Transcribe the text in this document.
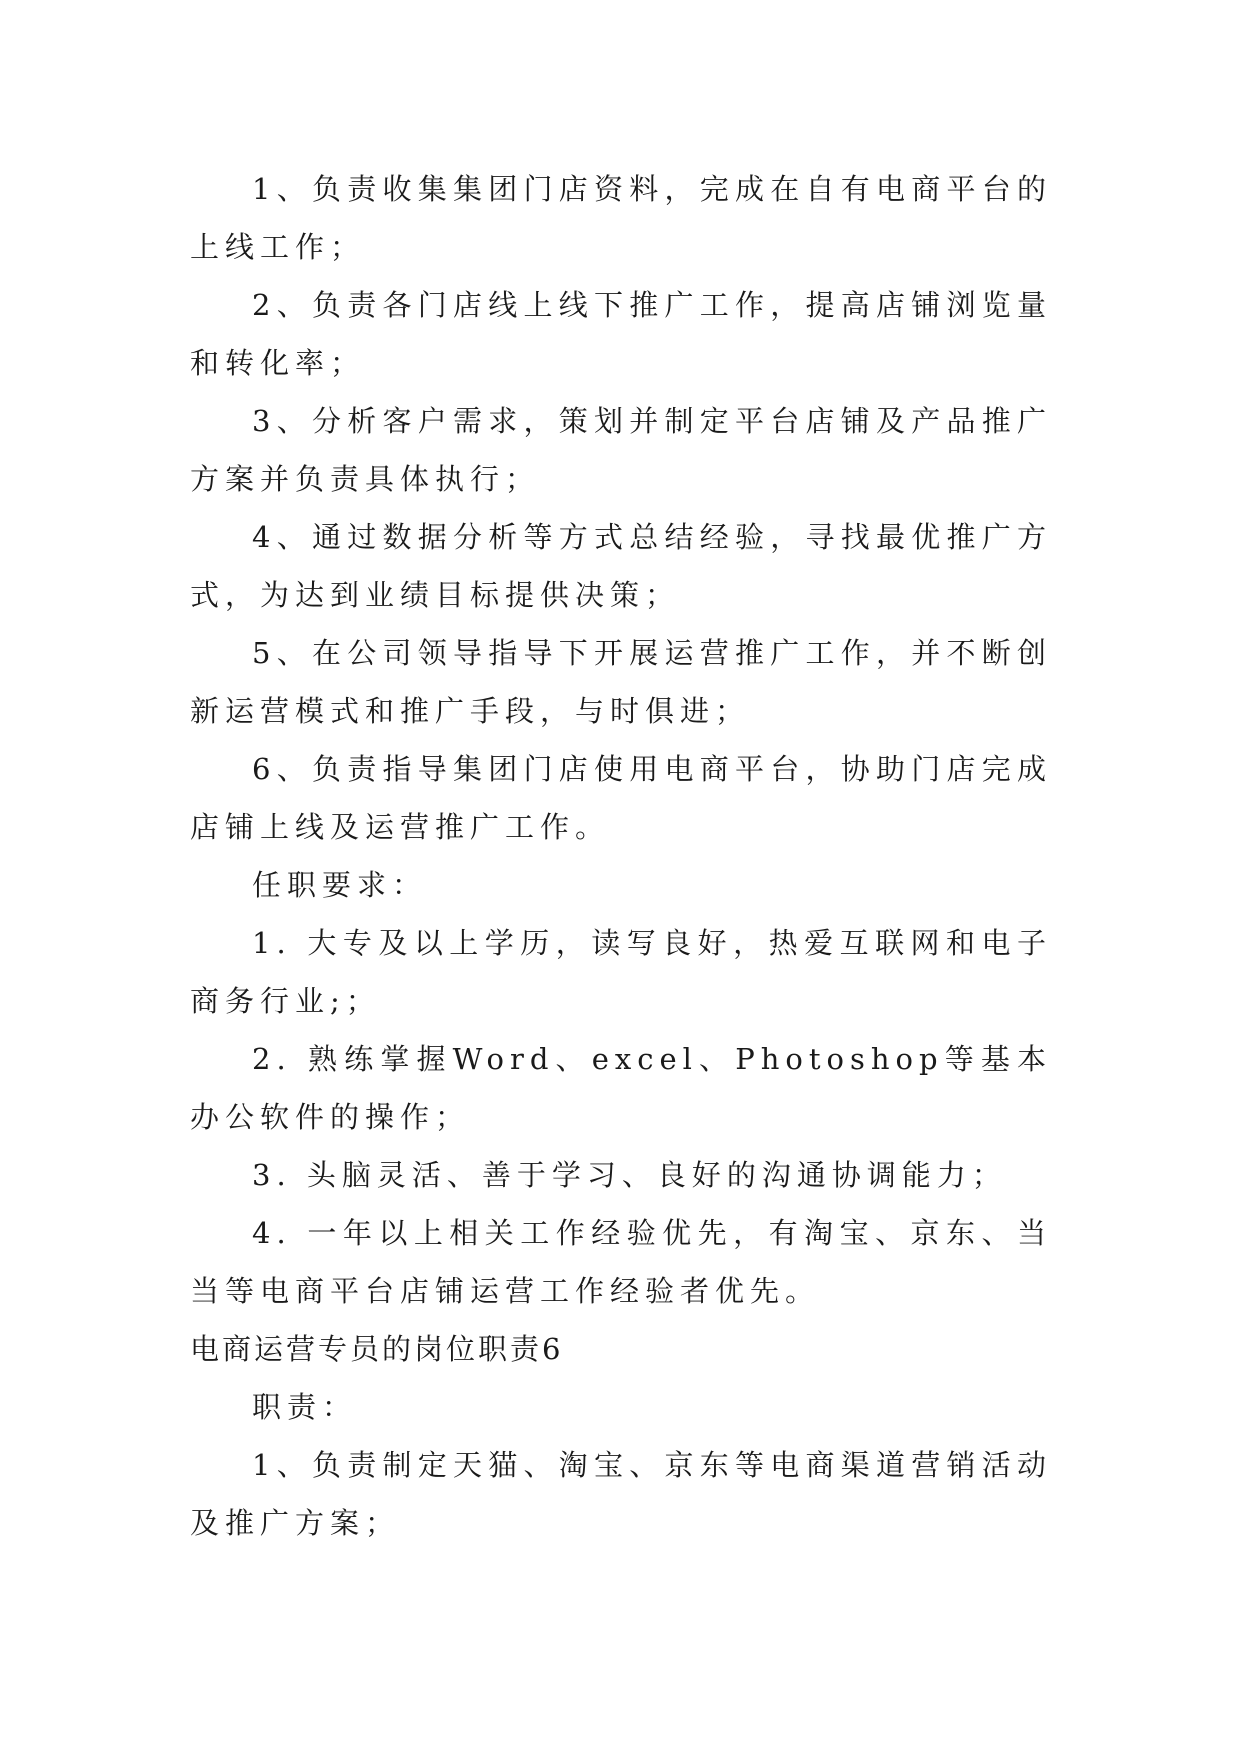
1、负责收集集团门店资料，完成在自有电商平台的上线工作；

2、负责各门店线上线下推广工作，提高店铺浏览量和转化率；

3、分析客户需求，策划并制定平台店铺及产品推广方案并负责具体执行；

4、通过数据分析等方式总结经验，寻找最优推广方式，为达到业绩目标提供决策；

5、在公司领导指导下开展运营推广工作，并不断创新运营模式和推广手段，与时俱进；

6、负责指导集团门店使用电商平台，协助门店完成店铺上线及运营推广工作。

任职要求：

1. 大专及以上学历，读写良好，热爱互联网和电子商务行业;；

2. 熟练掌握Word、excel、Photoshop等基本办公软件的操作；

3. 头脑灵活、善于学习、良好的沟通协调能力；

4. 一年以上相关工作经验优先，有淘宝、京东、当当等电商平台店铺运营工作经验者优先。

电商运营专员的岗位职责6

职责：

1、负责制定天猫、淘宝、京东等电商渠道营销活动及推广方案；
